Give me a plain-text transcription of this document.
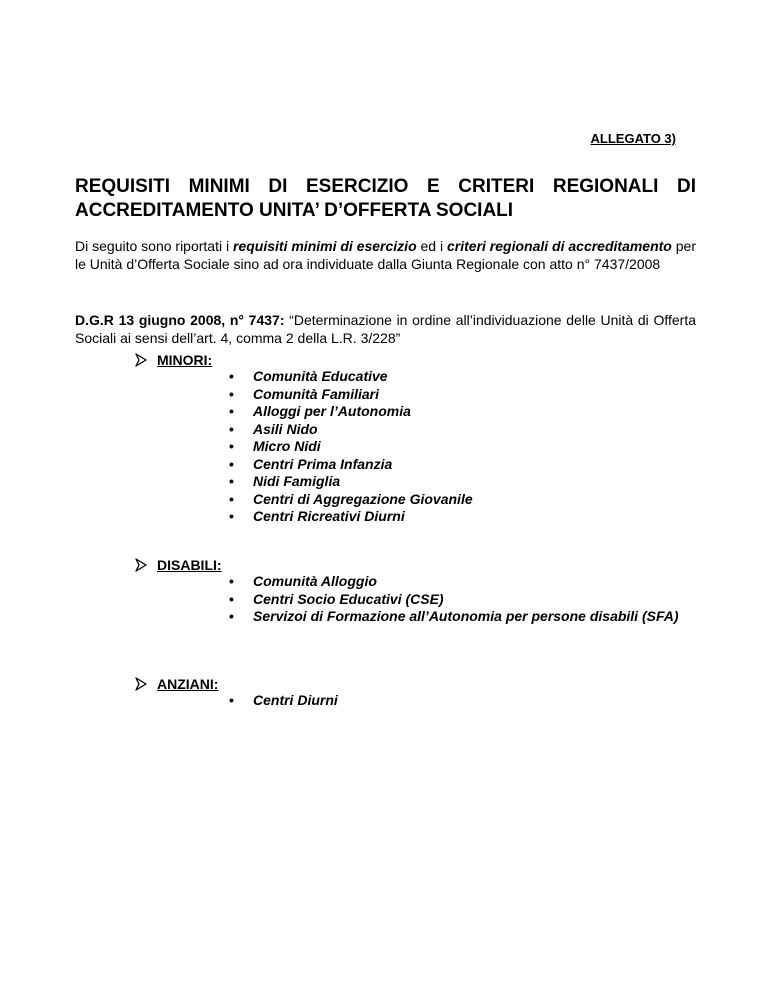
ALLEGATO 3)
REQUISITI MINIMI DI ESERCIZIO E CRITERI REGIONALI DI ACCREDITAMENTO UNITA’ D’OFFERTA SOCIALI

Di seguito sono riportati i requisiti minimi di esercizio ed i criteri regionali di accreditamento per le Unità d’Offerta Sociale sino ad ora individuate dalla Giunta Regionale con atto n° 7437/2008

D.G.R 13 giugno 2008, n° 7437: “Determinazione in ordine all’individuazione delle Unità di Offerta Sociali ai sensi dell’art. 4, comma 2 della L.R. 3/228”

MINORI:
•	Comunità Educative
•	Comunità Familiari
•	Alloggi per l’Autonomia
•	Asili Nido
•	Micro Nidi
•	Centri Prima Infanzia
•	Nidi Famiglia
•	Centri di Aggregazione Giovanile
•	Centri Ricreativi Diurni
DISABILI:
•	Comunità Alloggio
•	Centri Socio Educativi (CSE)
•	Servizoi di Formazione all’Autonomia per persone disabili (SFA)
ANZIANI:
•	Centri Diurni
